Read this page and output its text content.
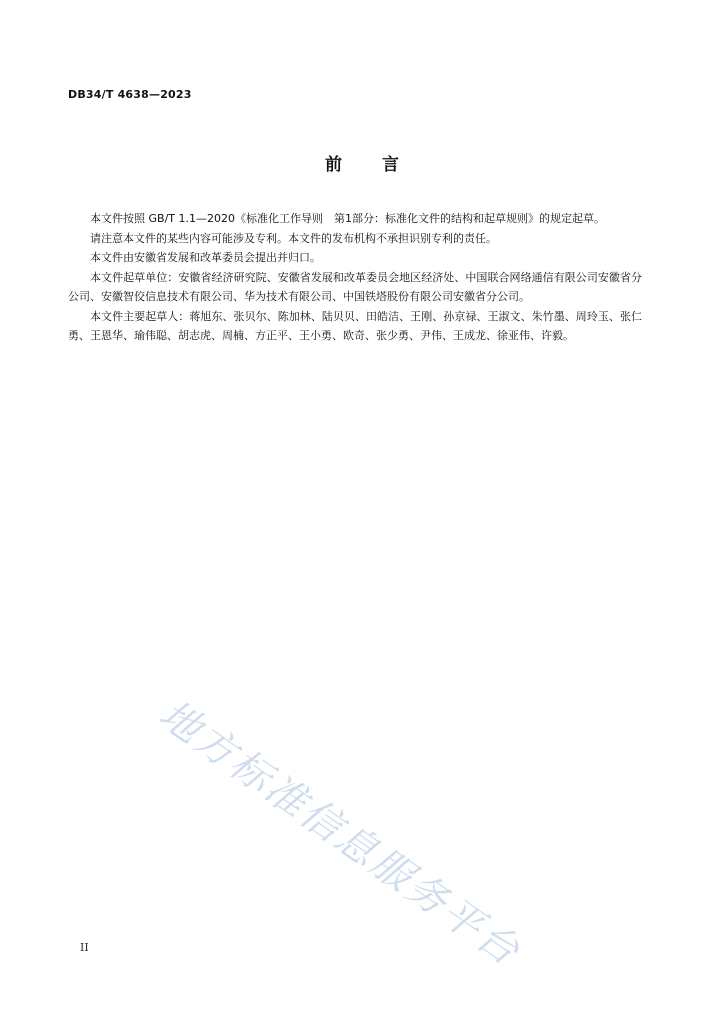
DB34/T 4638—2023
前言

本文件按照 GB/T 1.1—2020《标准化工作导则　第1部分：标准化文件的结构和起草规则》的规定起草。

请注意本文件的某些内容可能涉及专利。本文件的发布机构不承担识别专利的责任。

本文件由安徽省发展和改革委员会提出并归口。

本文件起草单位：安徽省经济研究院、安徽省发展和改革委员会地区经济处、中国联合网络通信有限公司安徽省分公司、安徽智佼信息技术有限公司、华为技术有限公司、中国铁塔股份有限公司安徽省分公司。

本文件主要起草人：蒋旭东、张贝尔、陈加林、陆贝贝、田皓洁、王刚、孙京禄、王淑文、朱竹墨、周玲玉、张仁勇、王恩华、瑜伟聪、胡志虎、周楠、方正平、王小勇、欧奇、张少勇、尹伟、王成龙、徐亚伟、许毅。

地方标准信息服务平台
II
